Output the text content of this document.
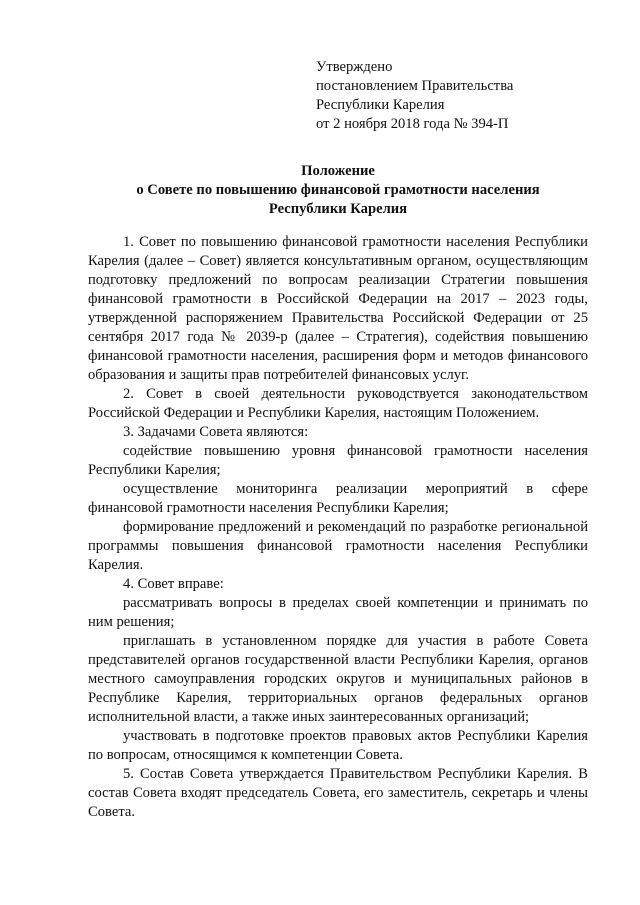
Утверждено
постановлением Правительства
Республики Карелия
от 2 ноября 2018 года № 394-П
Положение
о Совете по повышению финансовой грамотности населения
Республики Карелия

1. Совет по повышению финансовой грамотности населения Республики Карелия (далее – Совет) является консультативным органом, осуществляющим подготовку предложений по вопросам реализации Стратегии повышения финансовой грамотности в Российской Федерации на 2017 – 2023 годы, утвержденной распоряжением Правительства Российской Федерации от 25 сентября 2017 года № 2039-р (далее – Стратегия), содействия повышению финансовой грамотности населения, расширения форм и методов финансового образования и защиты прав потребителей финансовых услуг.

2. Совет в своей деятельности руководствуется законодательством Российской Федерации и Республики Карелия, настоящим Положением.

3. Задачами Совета являются:

содействие повышению уровня финансовой грамотности населения Республики Карелия;

осуществление мониторинга реализации мероприятий в сфере финансовой грамотности населения Республики Карелия;

формирование предложений и рекомендаций по разработке региональной программы повышения финансовой грамотности населения Республики Карелия.

4. Совет вправе:

рассматривать вопросы в пределах своей компетенции и принимать по ним решения;

приглашать в установленном порядке для участия в работе Совета представителей органов государственной власти Республики Карелия, органов местного самоуправления городских округов и муниципальных районов в Республике Карелия, территориальных органов федеральных органов исполнительной власти, а также иных заинтересованных организаций;

участвовать в подготовке проектов правовых актов Республики Карелия по вопросам, относящимся к компетенции Совета.

5. Состав Совета утверждается Правительством Республики Карелия. В состав Совета входят председатель Совета, его заместитель, секретарь и члены Совета.
